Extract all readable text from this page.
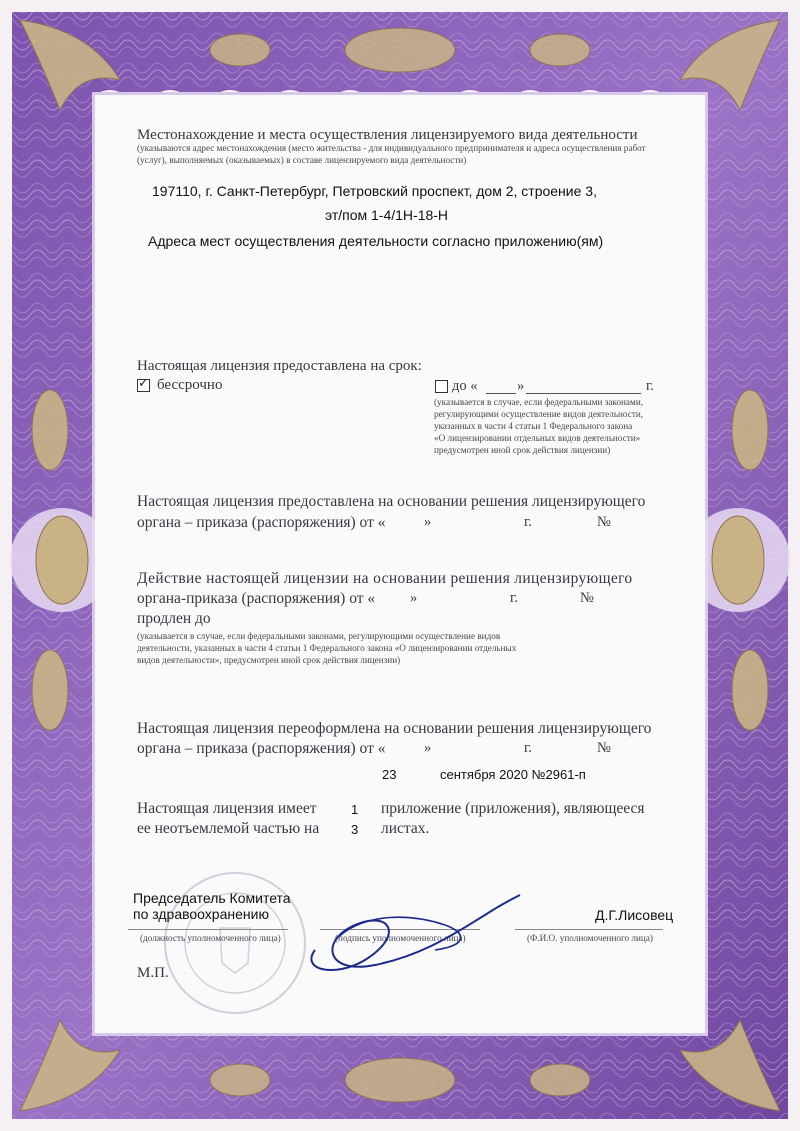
Местонахождение и места осуществления лицензируемого вида деятельности
(указываются адрес местонахождения (место жительства - для индивидуального предпринимателя и адреса осуществления работ
(услуг), выполняемых (оказываемых) в составе лицензируемого вида деятельности)
197110, г. Санкт-Петербург, Петровский проспект, дом 2, строение 3,
эт/пом 1-4/1Н-18-Н
Адреса мест осуществления деятельности согласно приложению(ям)
Настоящая лицензия предоставлена на срок:
✓ бессрочно	до «	»	г.
(указывается в случае, если федеральными законами,
регулирующими осуществление видов деятельности,
указанных в части 4 статьи 1 Федерального закона
«О лицензировании отдельных видов деятельности»
предусмотрен иной срок действия лицензии)
Настоящая лицензия предоставлена на основании решения лицензирующего
органа – приказа (распоряжения) от «	»	г.	№
Действие настоящей лицензии на основании решения лицензирующего
органа-приказа (распоряжения) от « »	г.	№
продлен до
(указывается в случае, если федеральными законами, регулирующими осуществление видов
деятельности, указанных в части 4 статьи 1 Федерального закона «О лицензировании отдельных
видов деятельности», предусмотрен иной срок действия лицензии)
Настоящая лицензия переоформлена на основании решения лицензирующего
органа – приказа (распоряжения) от «	»	г.	№
23	сентября 2020 №2961-п
Настоящая лицензия имеет
ее неотъемлемой частью на
1
3
приложение (приложения), являющееся
листах.
Председатель Комитета
по здравоохранению
(должность уполномоченного лица)	(подпись уполномоченного лица)
Д.Г.Лисовец
(Ф.И.О. уполномоченного лица)
М.П.
